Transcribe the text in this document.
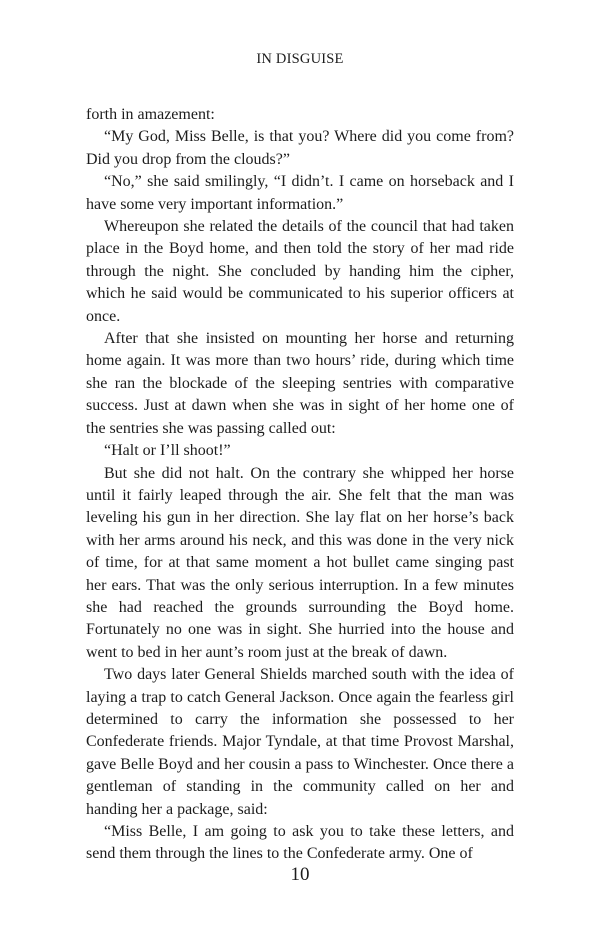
IN DISGUISE

forth in amazement:

“My God, Miss Belle, is that you? Where did you come from? Did you drop from the clouds?”

“No,” she said smilingly, “I didn’t. I came on horseback and I have some very important information.”

Whereupon she related the details of the council that had taken place in the Boyd home, and then told the story of her mad ride through the night. She concluded by handing him the cipher, which he said would be communicated to his superior officers at once.

After that she insisted on mounting her horse and returning home again. It was more than two hours’ ride, during which time she ran the blockade of the sleeping sentries with comparative success. Just at dawn when she was in sight of her home one of the sentries she was passing called out:

“Halt or I’ll shoot!”

But she did not halt. On the contrary she whipped her horse until it fairly leaped through the air. She felt that the man was leveling his gun in her direction. She lay flat on her horse’s back with her arms around his neck, and this was done in the very nick of time, for at that same moment a hot bullet came singing past her ears. That was the only serious interruption. In a few minutes she had reached the grounds surrounding the Boyd home. Fortunately no one was in sight. She hurried into the house and went to bed in her aunt’s room just at the break of dawn.

Two days later General Shields marched south with the idea of laying a trap to catch General Jackson. Once again the fearless girl determined to carry the information she possessed to her Confederate friends. Major Tyndale, at that time Provost Marshal, gave Belle Boyd and her cousin a pass to Winchester. Once there a gentleman of standing in the community called on her and handing her a package, said:

“Miss Belle, I am going to ask you to take these letters, and send them through the lines to the Confederate army. One of

10
